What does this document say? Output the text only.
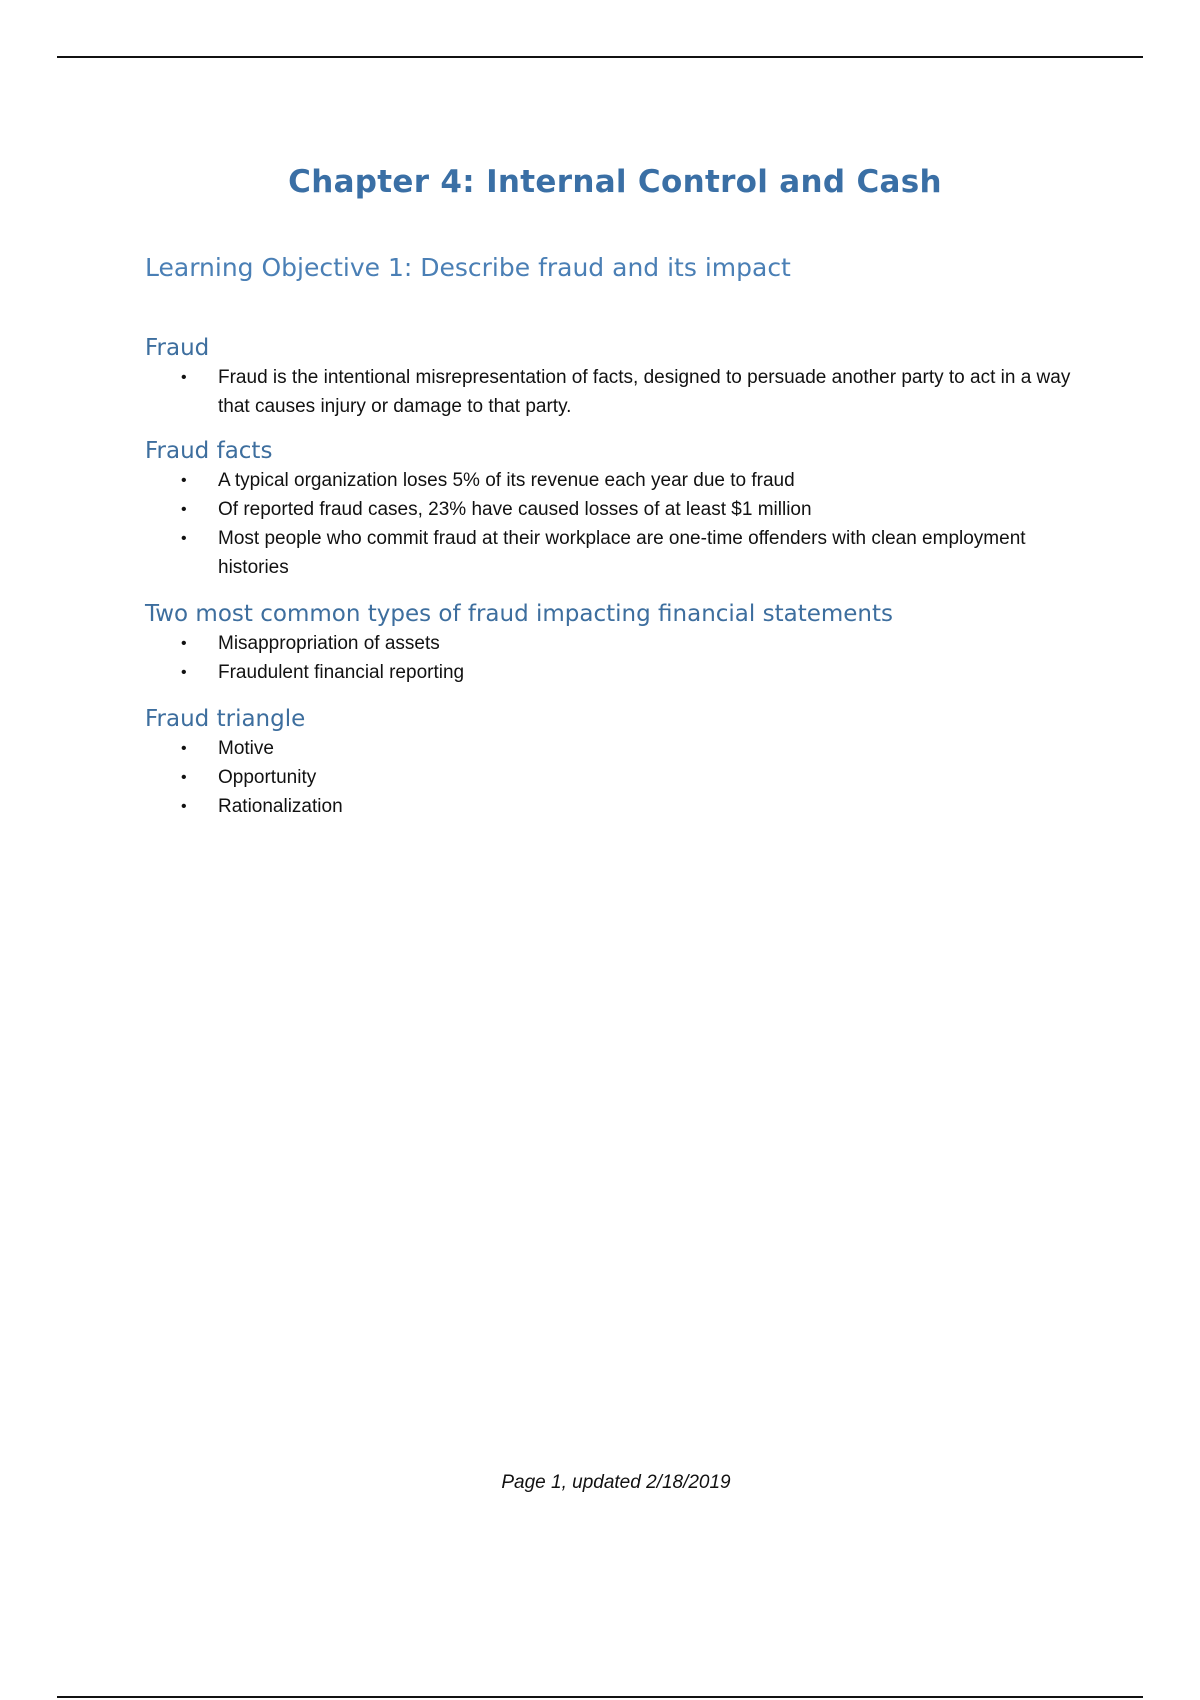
Chapter 4: Internal Control and Cash
Learning Objective 1: Describe fraud and its impact
Fraud
• Fraud is the intentional misrepresentation of facts, designed to persuade another party to act in a way that causes injury or damage to that party.
Fraud facts
• A typical organization loses 5% of its revenue each year due to fraud
• Of reported fraud cases, 23% have caused losses of at least $1 million
• Most people who commit fraud at their workplace are one-time offenders with clean employment histories
Two most common types of fraud impacting financial statements
• Misappropriation of assets
• Fraudulent financial reporting
Fraud triangle
• Motive
• Opportunity
• Rationalization
Page 1, updated 2/18/2019
